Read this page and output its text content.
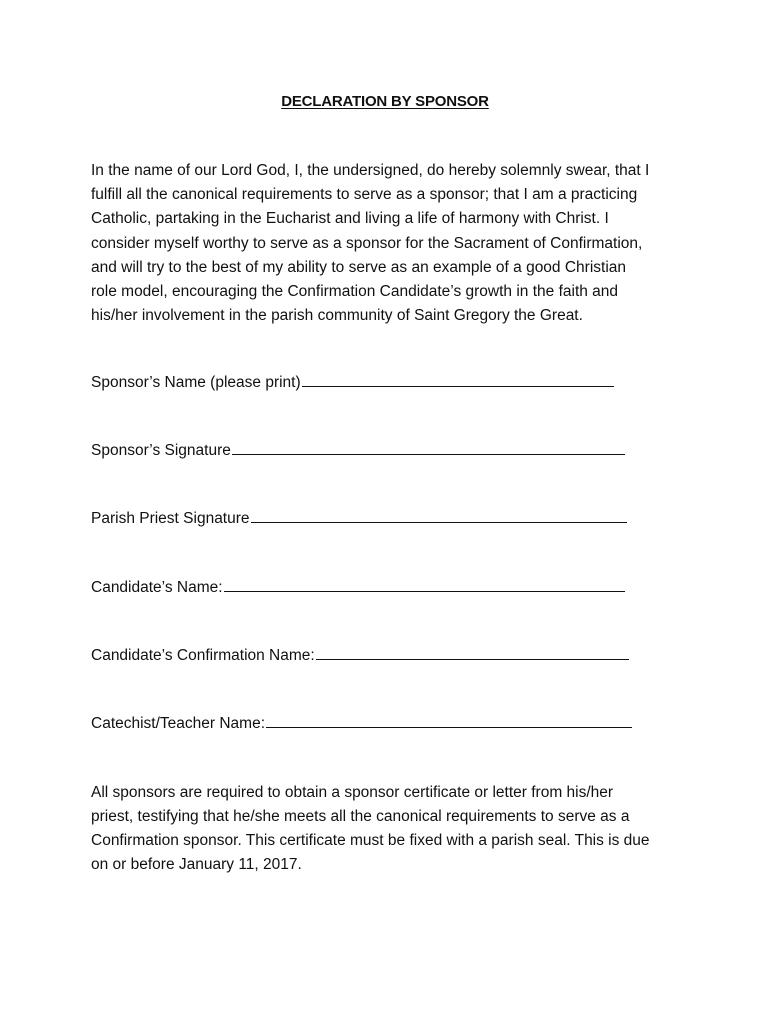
DECLARATION BY SPONSOR

In the name of our Lord God, I, the undersigned, do hereby solemnly swear, that I
fulfill all the canonical requirements to serve as a sponsor; that I am a practicing
Catholic, partaking in the Eucharist and living a life of harmony with Christ. I
consider myself worthy to serve as a sponsor for the Sacrament of Confirmation,
and will try to the best of my ability to serve as an example of a good Christian
role model, encouraging the Confirmation Candidate’s growth in the faith and
his/her involvement in the parish community of Saint Gregory the Great.

Sponsor’s Name (please print)
Sponsor’s Signature
Parish Priest Signature
Candidate’s Name:
Candidate’s Confirmation Name:
Catechist/Teacher Name:

All sponsors are required to obtain a sponsor certificate or letter from his/her
priest, testifying that he/she meets all the canonical requirements to serve as a
Confirmation sponsor. This certificate must be fixed with a parish seal. This is due
on or before January 11, 2017.
